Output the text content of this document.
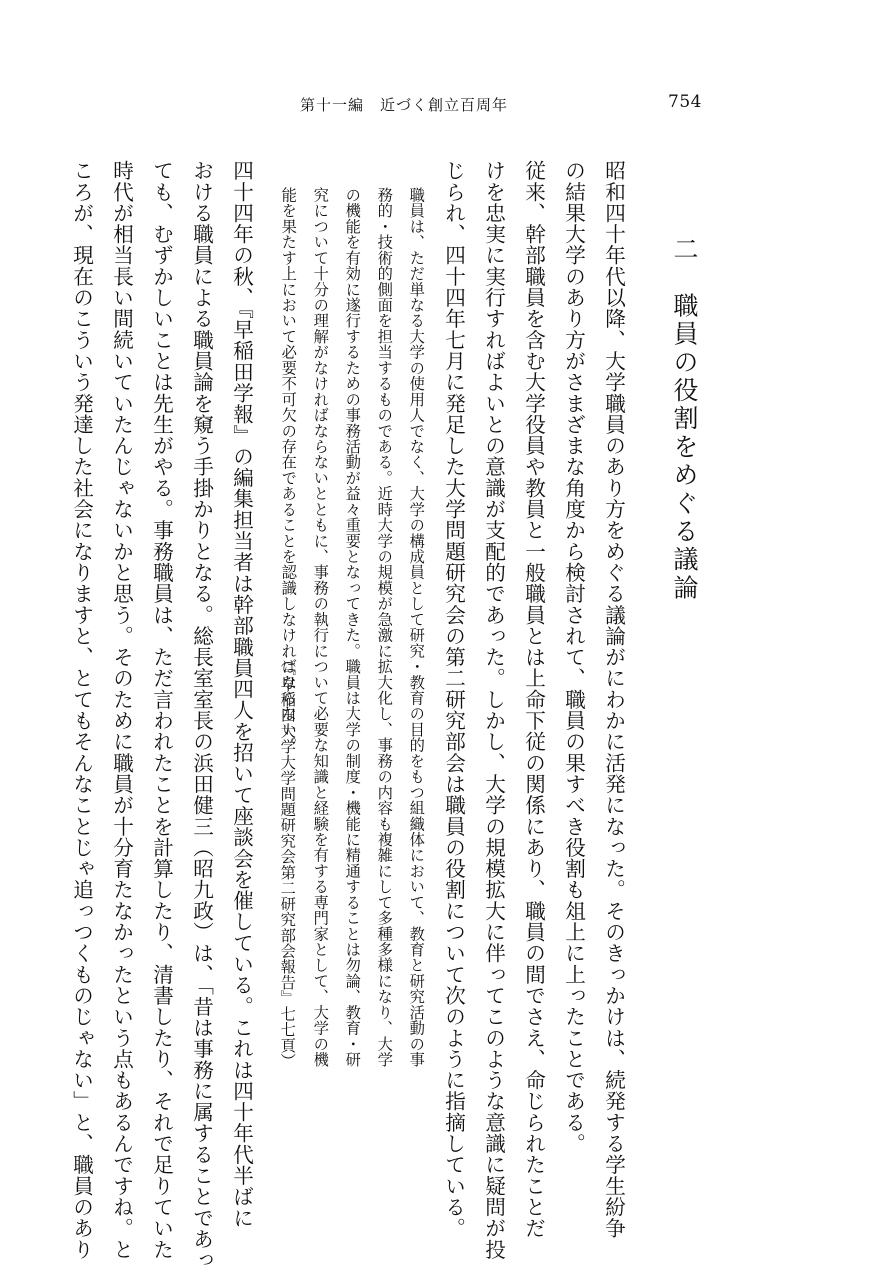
第十一編　近づく創立百周年	754
二　職員の役割をめぐる議論
昭和四十年代以降、大学職員のあり方をめぐる議論がにわかに活発になった。そのきっかけは、続発する学生紛争
の結果大学のあり方がさまざまな角度から検討されて、職員の果すべき役割も俎上に上ったことである。
従来、幹部職員を含む大学役員や教員と一般職員とは上命下従の関係にあり、職員の間でさえ、命じられたことだ
けを忠実に実行すればよいとの意識が支配的であった。しかし、大学の規模拡大に伴ってこのような意識に疑問が投
じられ、四十四年七月に発足した大学問題研究会の第二研究部会は職員の役割について次のように指摘している。
職員は、ただ単なる大学の使用人でなく、大学の構成員として研究・教育の目的をもつ組織体において、教育と研究活動の事
務的・技術的側面を担当するものである。近時大学の規模が急激に拡大化し、事務の内容も複雑にして多種多様になり、大学
の機能を有効に遂行するための事務活動が益々重要となってきた。職員は大学の制度・機能に精通することは勿論、教育・研
究について十分の理解がなければならないとともに、事務の執行について必要な知識と経験を有する専門家として、大学の機
能を果たす上において必要不可欠の存在であることを認識しなければならない。
（『早稲田大学大学問題研究会第二研究部会報告』七七頁）
四十四年の秋、『早稲田学報』の編集担当者は幹部職員四人を招いて座談会を催している。これは四十年代半ばに
おける職員による職員論を窺う手掛かりとなる。総長室室長の浜田健三（昭九政）は、「昔は事務に属することであっ
ても、むずかしいことは先生がやる。事務職員は、ただ言われたことを計算したり、清書したり、それで足りていた
時代が相当長い間続いていたんじゃないかと思う。そのために職員が十分育たなかったという点もあるんですね。と
ころが、現在のこういう発達した社会になりますと、とてもそんなことじゃ追っつくものじゃない」と、職員のあり
